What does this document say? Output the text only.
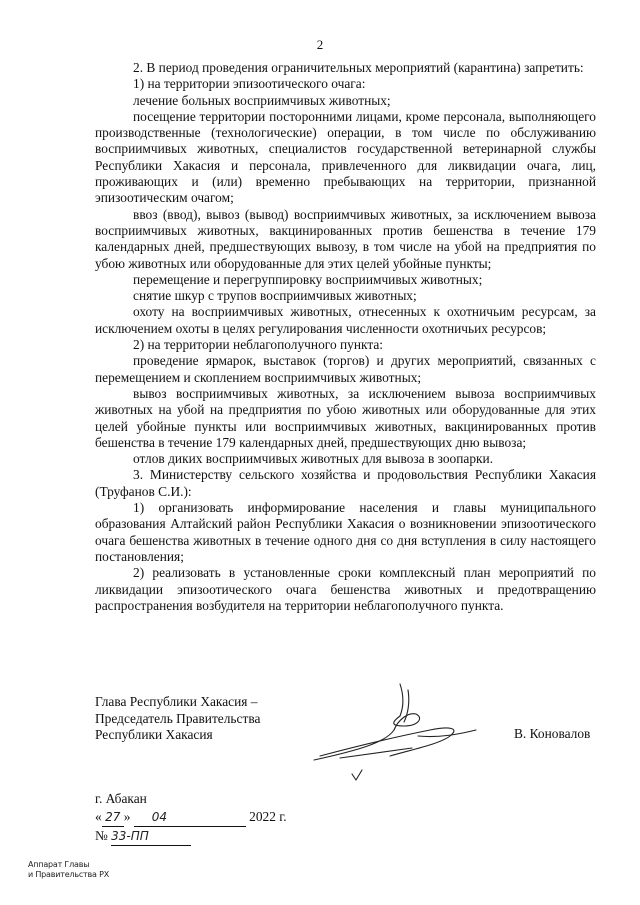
2

2. В период проведения ограничительных мероприятий (карантина) запретить:

1) на территории эпизоотического очага:

лечение больных восприимчивых животных;

посещение территории посторонними лицами, кроме персонала, выполняющего производственные (технологические) операции, в том числе по обслуживанию восприимчивых животных, специалистов государственной ветеринарной службы Республики Хакасия и персонала, привлеченного для ликвидации очага, лиц, проживающих и (или) временно пребывающих на территории, признанной эпизоотическим очагом;

ввоз (ввод), вывоз (вывод) восприимчивых животных, за исключением вывоза восприимчивых животных, вакцинированных против бешенства в течение 179 календарных дней, предшествующих вывозу, в том числе на убой на предприятия по убою животных или оборудованные для этих целей убойные пункты;

перемещение и перегруппировку восприимчивых животных;

снятие шкур с трупов восприимчивых животных;

охоту на восприимчивых животных, отнесенных к охотничьим ресурсам, за исключением охоты в целях регулирования численности охотничьих ресурсов;

2) на территории неблагополучного пункта:

проведение ярмарок, выставок (торгов) и других мероприятий, связанных с перемещением и скоплением восприимчивых животных;

вывоз восприимчивых животных, за исключением вывоза восприимчивых животных на убой на предприятия по убою животных или оборудованные для этих целей убойные пункты или восприимчивых животных, вакцинированных против бешенства в течение 179 календарных дней, предшествующих дню вывоза;

отлов диких восприимчивых животных для вывоза в зоопарки.

3. Министерству сельского хозяйства и продовольствия Республики Хакасия (Труфанов С.И.):

1) организовать информирование населения и главы муниципального образования Алтайский район Республики Хакасия о возникновении эпизоотического очага бешенства животных в течение одного дня со дня вступления в силу настоящего постановления;

2) реализовать в установленные сроки комплексный план мероприятий по ликвидации эпизоотического очага бешенства животных и предотвращению распространения возбудителя на территории неблагополучного пункта.

Глава Республики Хакасия –
Председатель Правительства
Республики Хакасия	В. Коновалов
г. Абакан
« 27 » 04	2022 г.
№ 33-ПП
Аппарат Главы
и Правительства РХ
